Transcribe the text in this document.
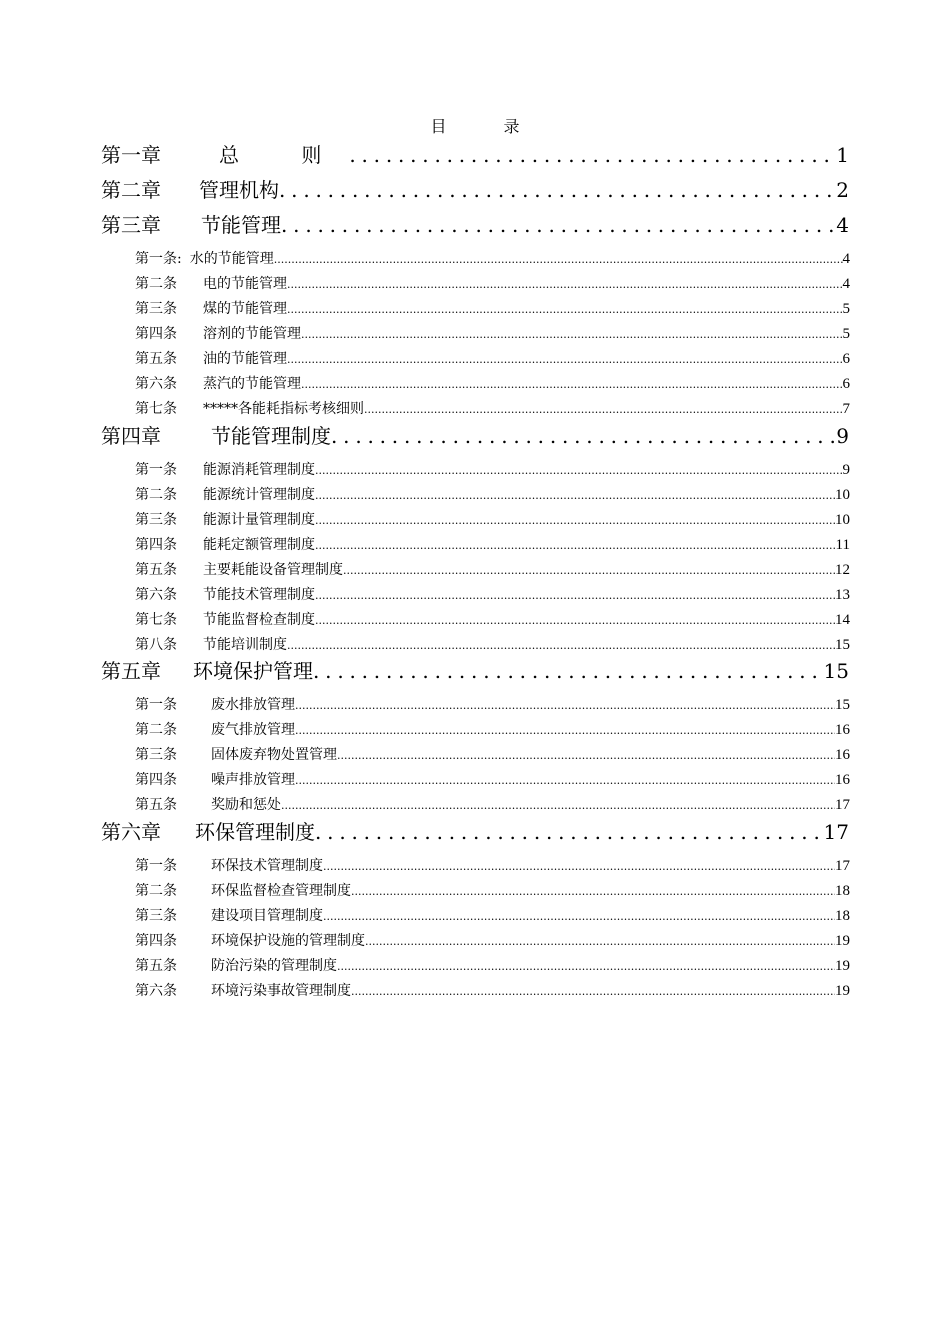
目 录
第一章	总 则 .....	1
第二章 管理机构 .....	2
第三章 节能管理 .....	4
第一条: 水的节能管理 .....	4
第二条 电的节能管理 .....	4
第三条 煤的节能管理 .....	5
第四条 溶剂的节能管理 .....	5
第五条 油的节能管理 .....	6
第六条 蒸汽的节能管理 .....	6
第七条 *****各能耗指标考核细则 .....	7
第四章	节能管理制度 .....	9
第一条 能源消耗管理制度 .....	9
第二条 能源统计管理制度 .....	10
第三条 能源计量管理制度 .....	10
第四条 能耗定额管理制度 .....	11
第五条 主要耗能设备管理制度 .....	12
第六条 节能技术管理制度 .....	13
第七条 节能监督检查制度 .....	14
第八条 节能培训制度 .....	15
第五章 环境保护管理 .....	15
第一条 废水排放管理 .....	15
第二条 废气排放管理 .....	16
第三条 固体废弃物处置管理 .....	16
第四条 噪声排放管理 .....	16
第五条 奖励和惩处 .....	17
第六章 环保管理制度 .....	17
第一条 环保技术管理制度 .....	17
第二条 环保监督检查管理制度 .....	18
第三条 建设项目管理制度 .....	18
第四条 环境保护设施的管理制度 .....	19
第五条 防治污染的管理制度 .....	19
第六条 环境污染事故管理制度 .....	19
